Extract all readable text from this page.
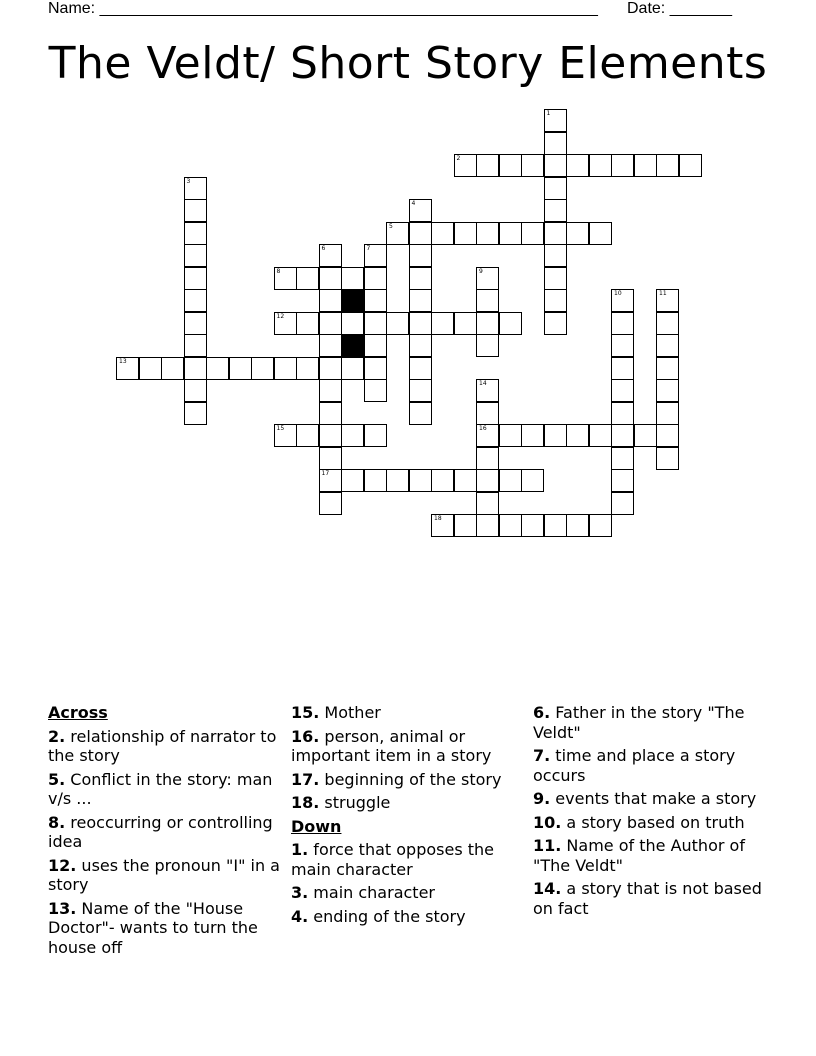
Name: ________________________________________________________ Date: _______
The Veldt/ Short Story Elements
1
2
3
4
5
6
17
7
8	9
10	11
12
13
14
16
15
18
Across
2. relationship of narrator to the story
5. Conflict in the story: man v/s ...
8. reoccurring or controlling idea
12. uses the pronoun "I" in a story
13. Name of the "House Doctor"- wants to turn the house off
15. Mother
16. person, animal or important item in a story
17. beginning of the story
18. struggle
Down
1. force that opposes the main character
3. main character
4. ending of the story
6. Father in the story "The Veldt"
7. time and place a story occurs
9. events that make a story
10. a story based on truth
11. Name of the Author of "The Veldt"
14. a story that is not based on fact
